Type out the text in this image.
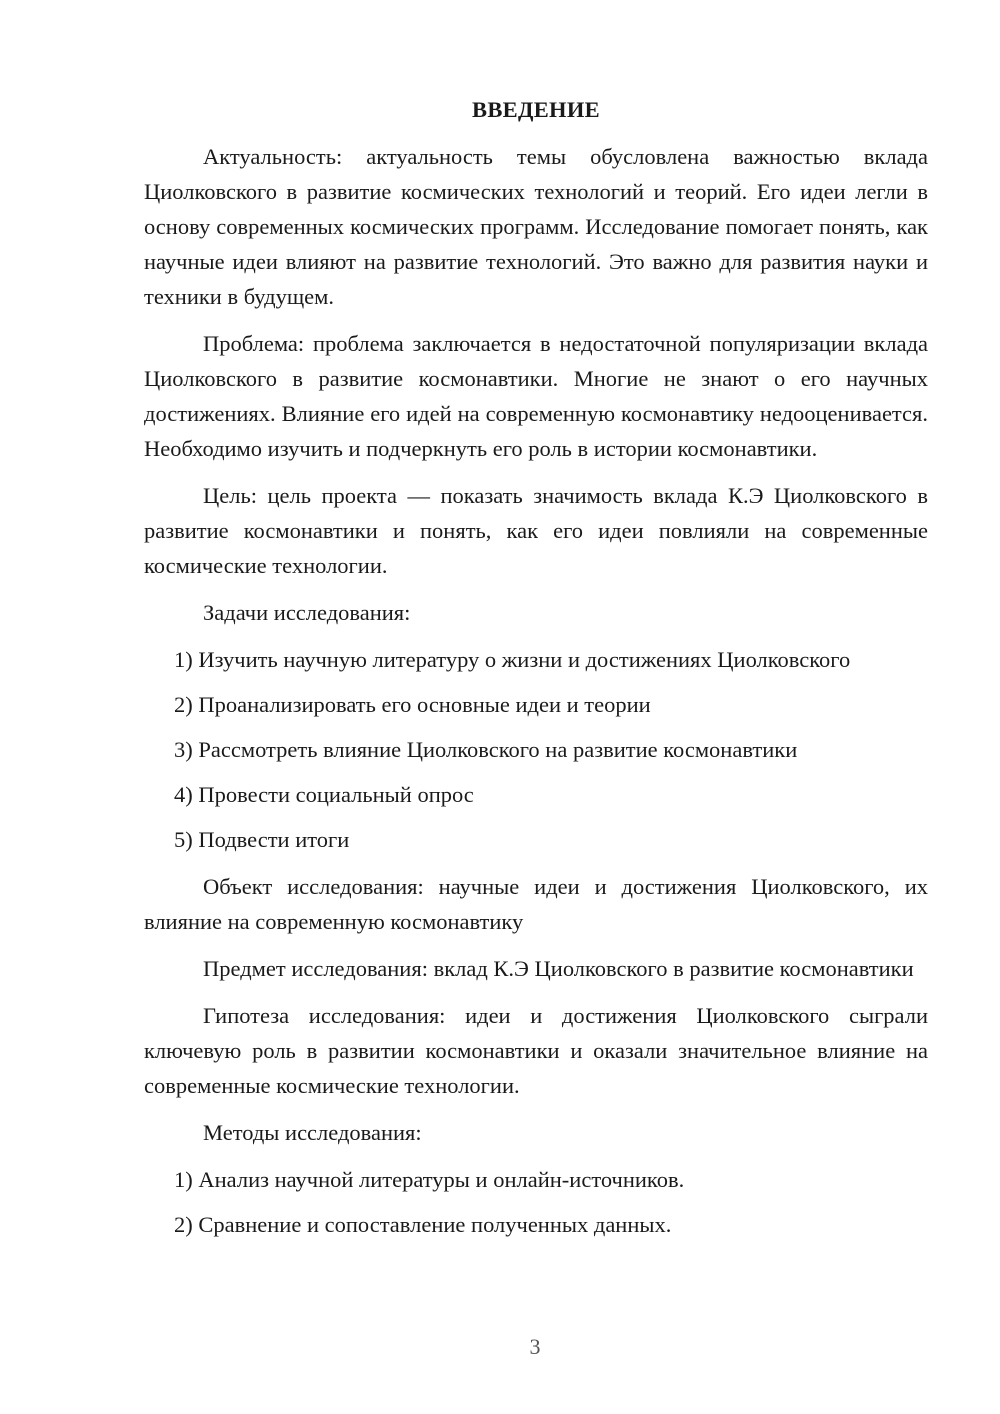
ВВЕДЕНИЕ

Актуальность: актуальность темы обусловлена важностью вклада Циолковского в развитие космических технологий и теорий. Его идеи легли в основу современных космических программ. Исследование помогает понять, как научные идеи влияют на развитие технологий. Это важно для развития науки и техники в будущем.

Проблема: проблема заключается в недостаточной популяризации вклада Циолковского в развитие космонавтики. Многие не знают о его научных достижениях. Влияние его идей на современную космонавтику недооценивается. Необходимо изучить и подчеркнуть его роль в истории космонавтики.

Цель: цель проекта — показать значимость вклада К.Э Циолковского в развитие космонавтики и понять, как его идеи повлияли на современные космические технологии.

Задачи исследования:
1) Изучить научную литературу о жизни и достижениях Циолковского
2) Проанализировать его основные идеи и теории
3) Рассмотреть влияние Циолковского на развитие космонавтики
4) Провести социальный опрос
5) Подвести итоги

Объект исследования: научные идеи и достижения Циолковского, их влияние на современную космонавтику

Предмет исследования: вклад К.Э Циолковского в развитие космонавтики

Гипотеза исследования: идеи и достижения Циолковского сыграли ключевую роль в развитии космонавтики и оказали значительное влияние на современные космические технологии.

Методы исследования:
1) Анализ научной литературы и онлайн-источников.
2) Сравнение и сопоставление полученных данных.
3
